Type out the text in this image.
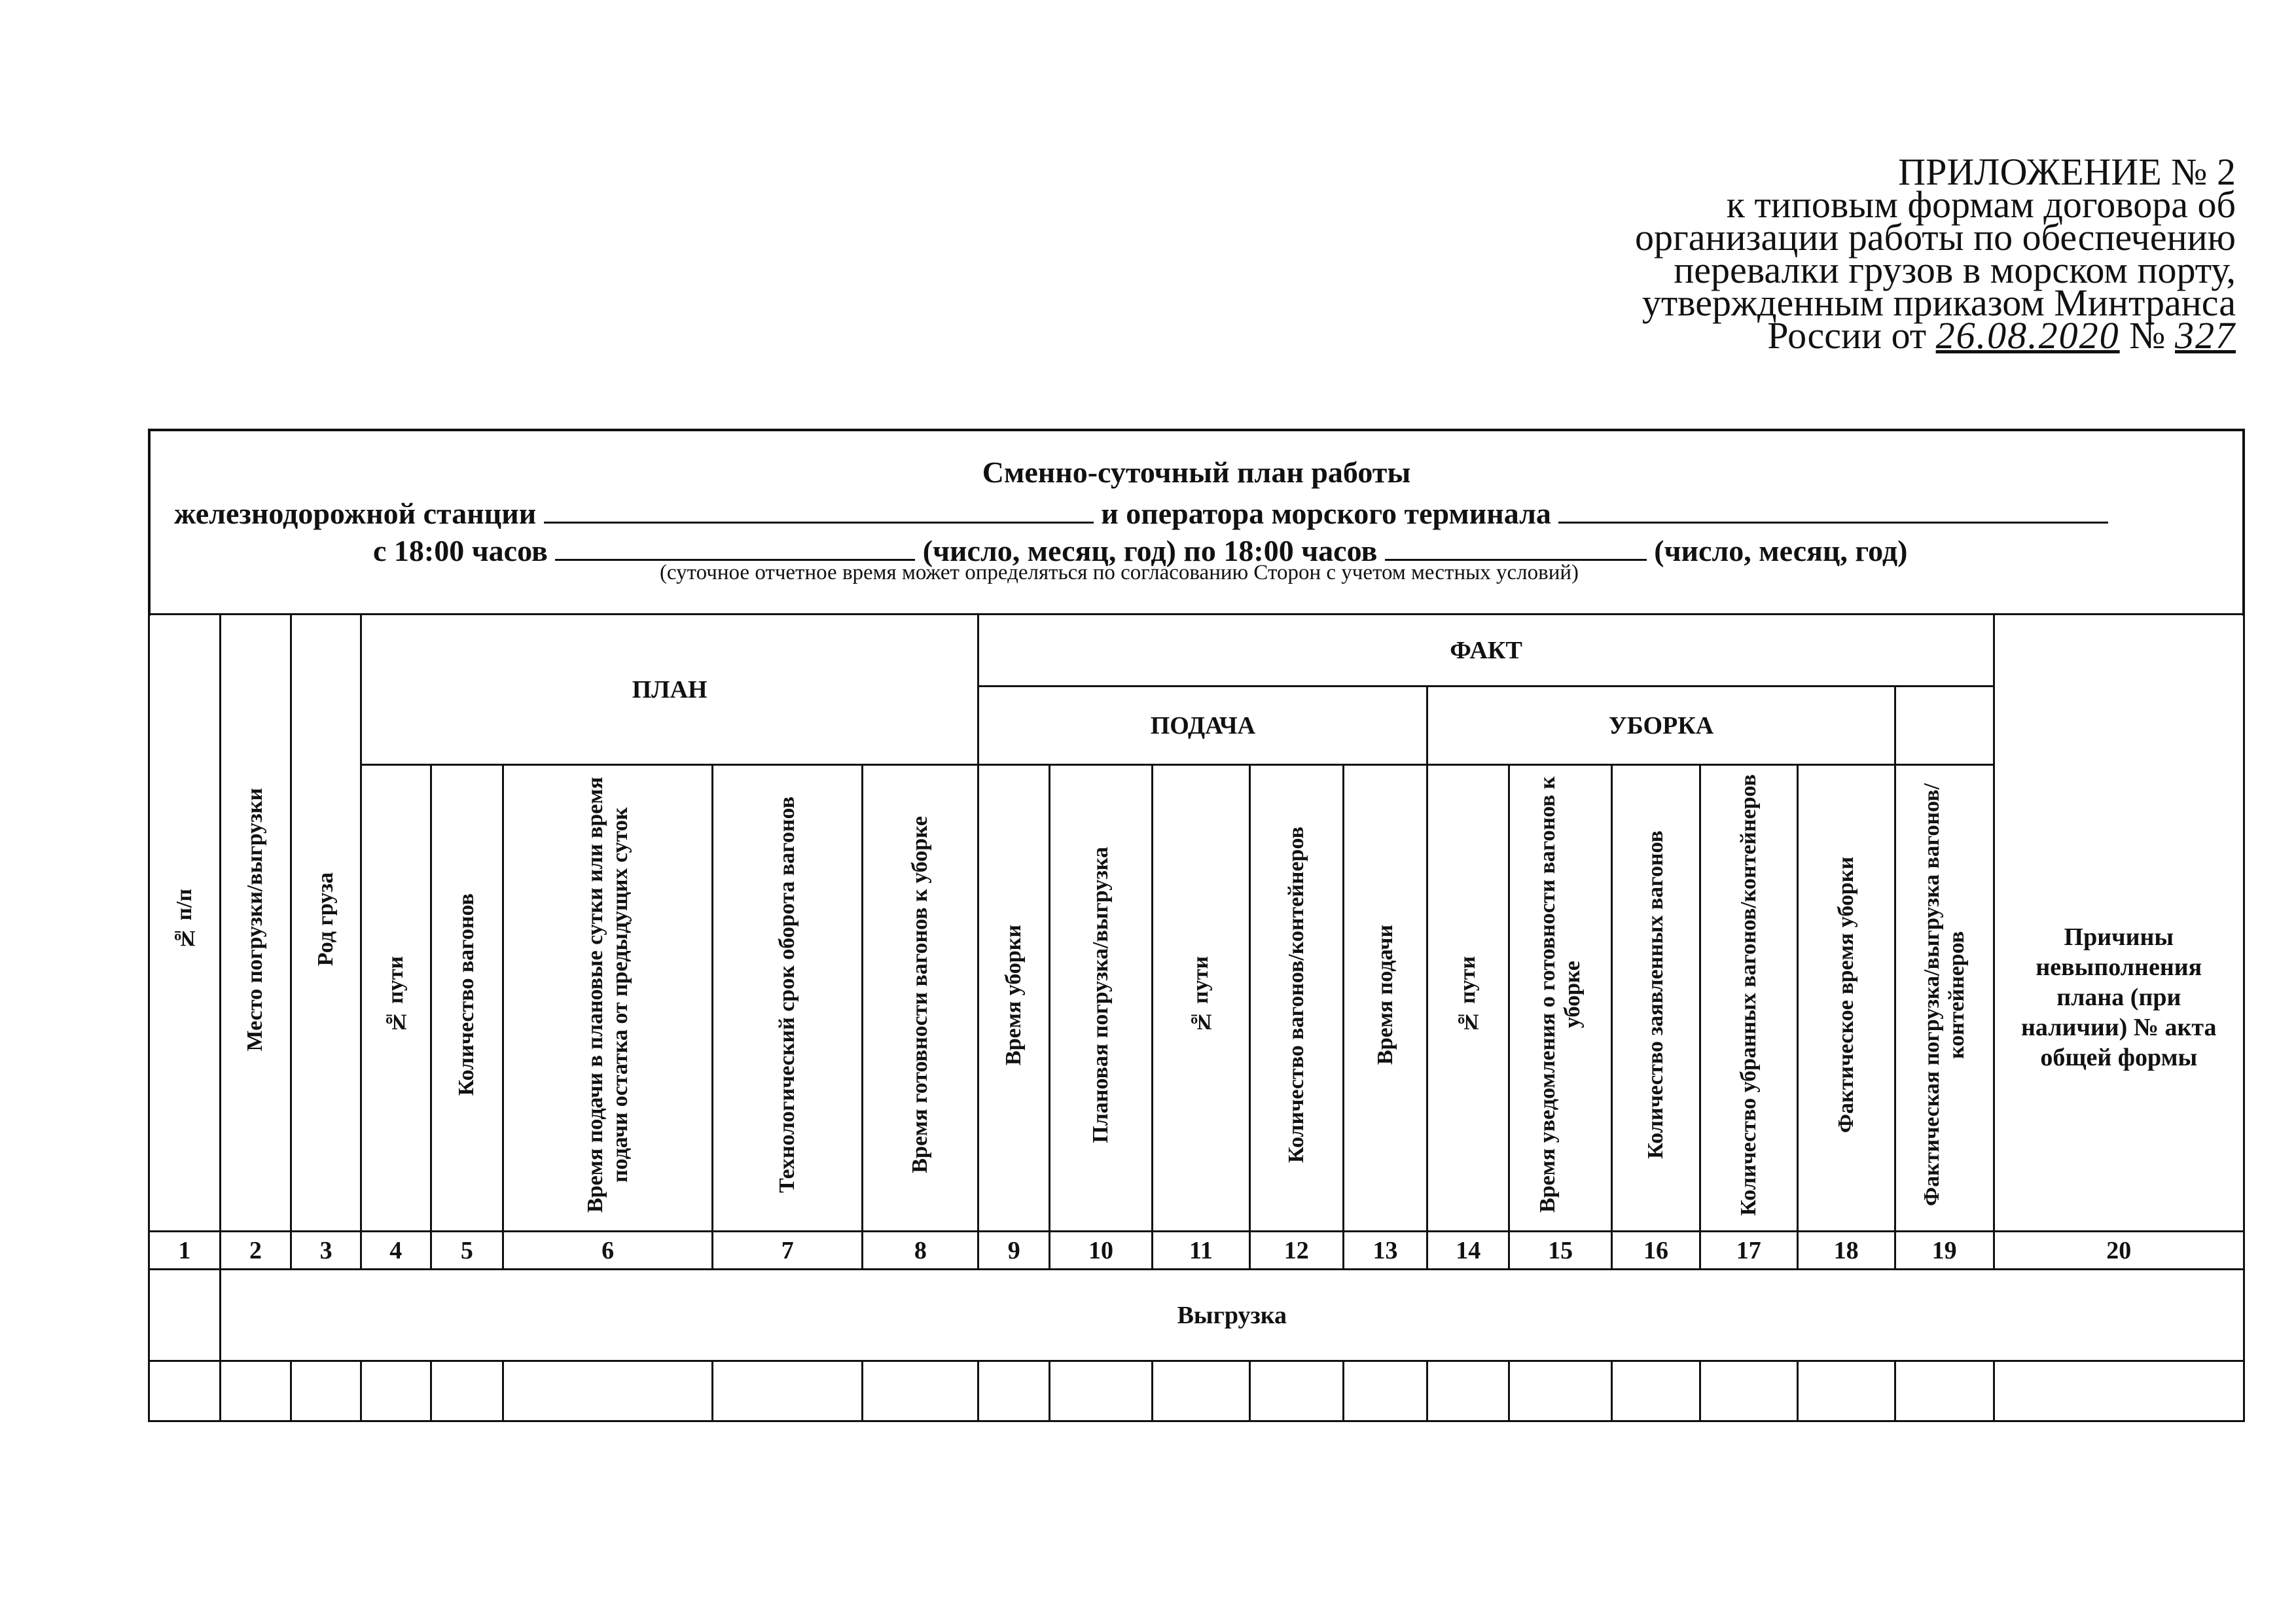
ПРИЛОЖЕНИЕ № 2
к типовым формам договора об
организации работы по обеспечению
перевалки грузов в морском порту,
утвержденным приказом Минтранса
России от 26.08.2020 № 327
Сменно-суточный план работы
железнодорожной станции	и оператора морского терминала
с 18:00 часов	(число, месяц, год) по 18:00 часов	(число, месяц, год)
(суточное отчетное время может определяться по согласованию Сторон с учетом местных условий)
№ п/п	Место погрузки/выгрузки	Род груза	ПЛАН					ФАКТ											
								ПОДАЧА					УБОРКА						
			№ пути	Количество вагонов	Время подачи в плановые сутки или время подачи остатка от предыдущих суток	Технологический срок оборота вагонов	Время готовности вагонов к уборке	Время уборки	Плановая погрузка/выгрузка	№ пути	Количество вагонов/контейнеров	Время подачи	№ пути	Время уведомления о готовности вагонов к уборке	Количество заявленных вагонов	Количество убранных вагонов/контейнеров	Фактическое время уборки	Фактическая погрузка/выгрузка вагонов/контейнеров	Причины невыполнения плана (при наличии) № акта общей формы
1	2	3	4	5	6	7	8	9	10	11	12	13	14	15	16	17	18	19	20
	Выгрузка																		
